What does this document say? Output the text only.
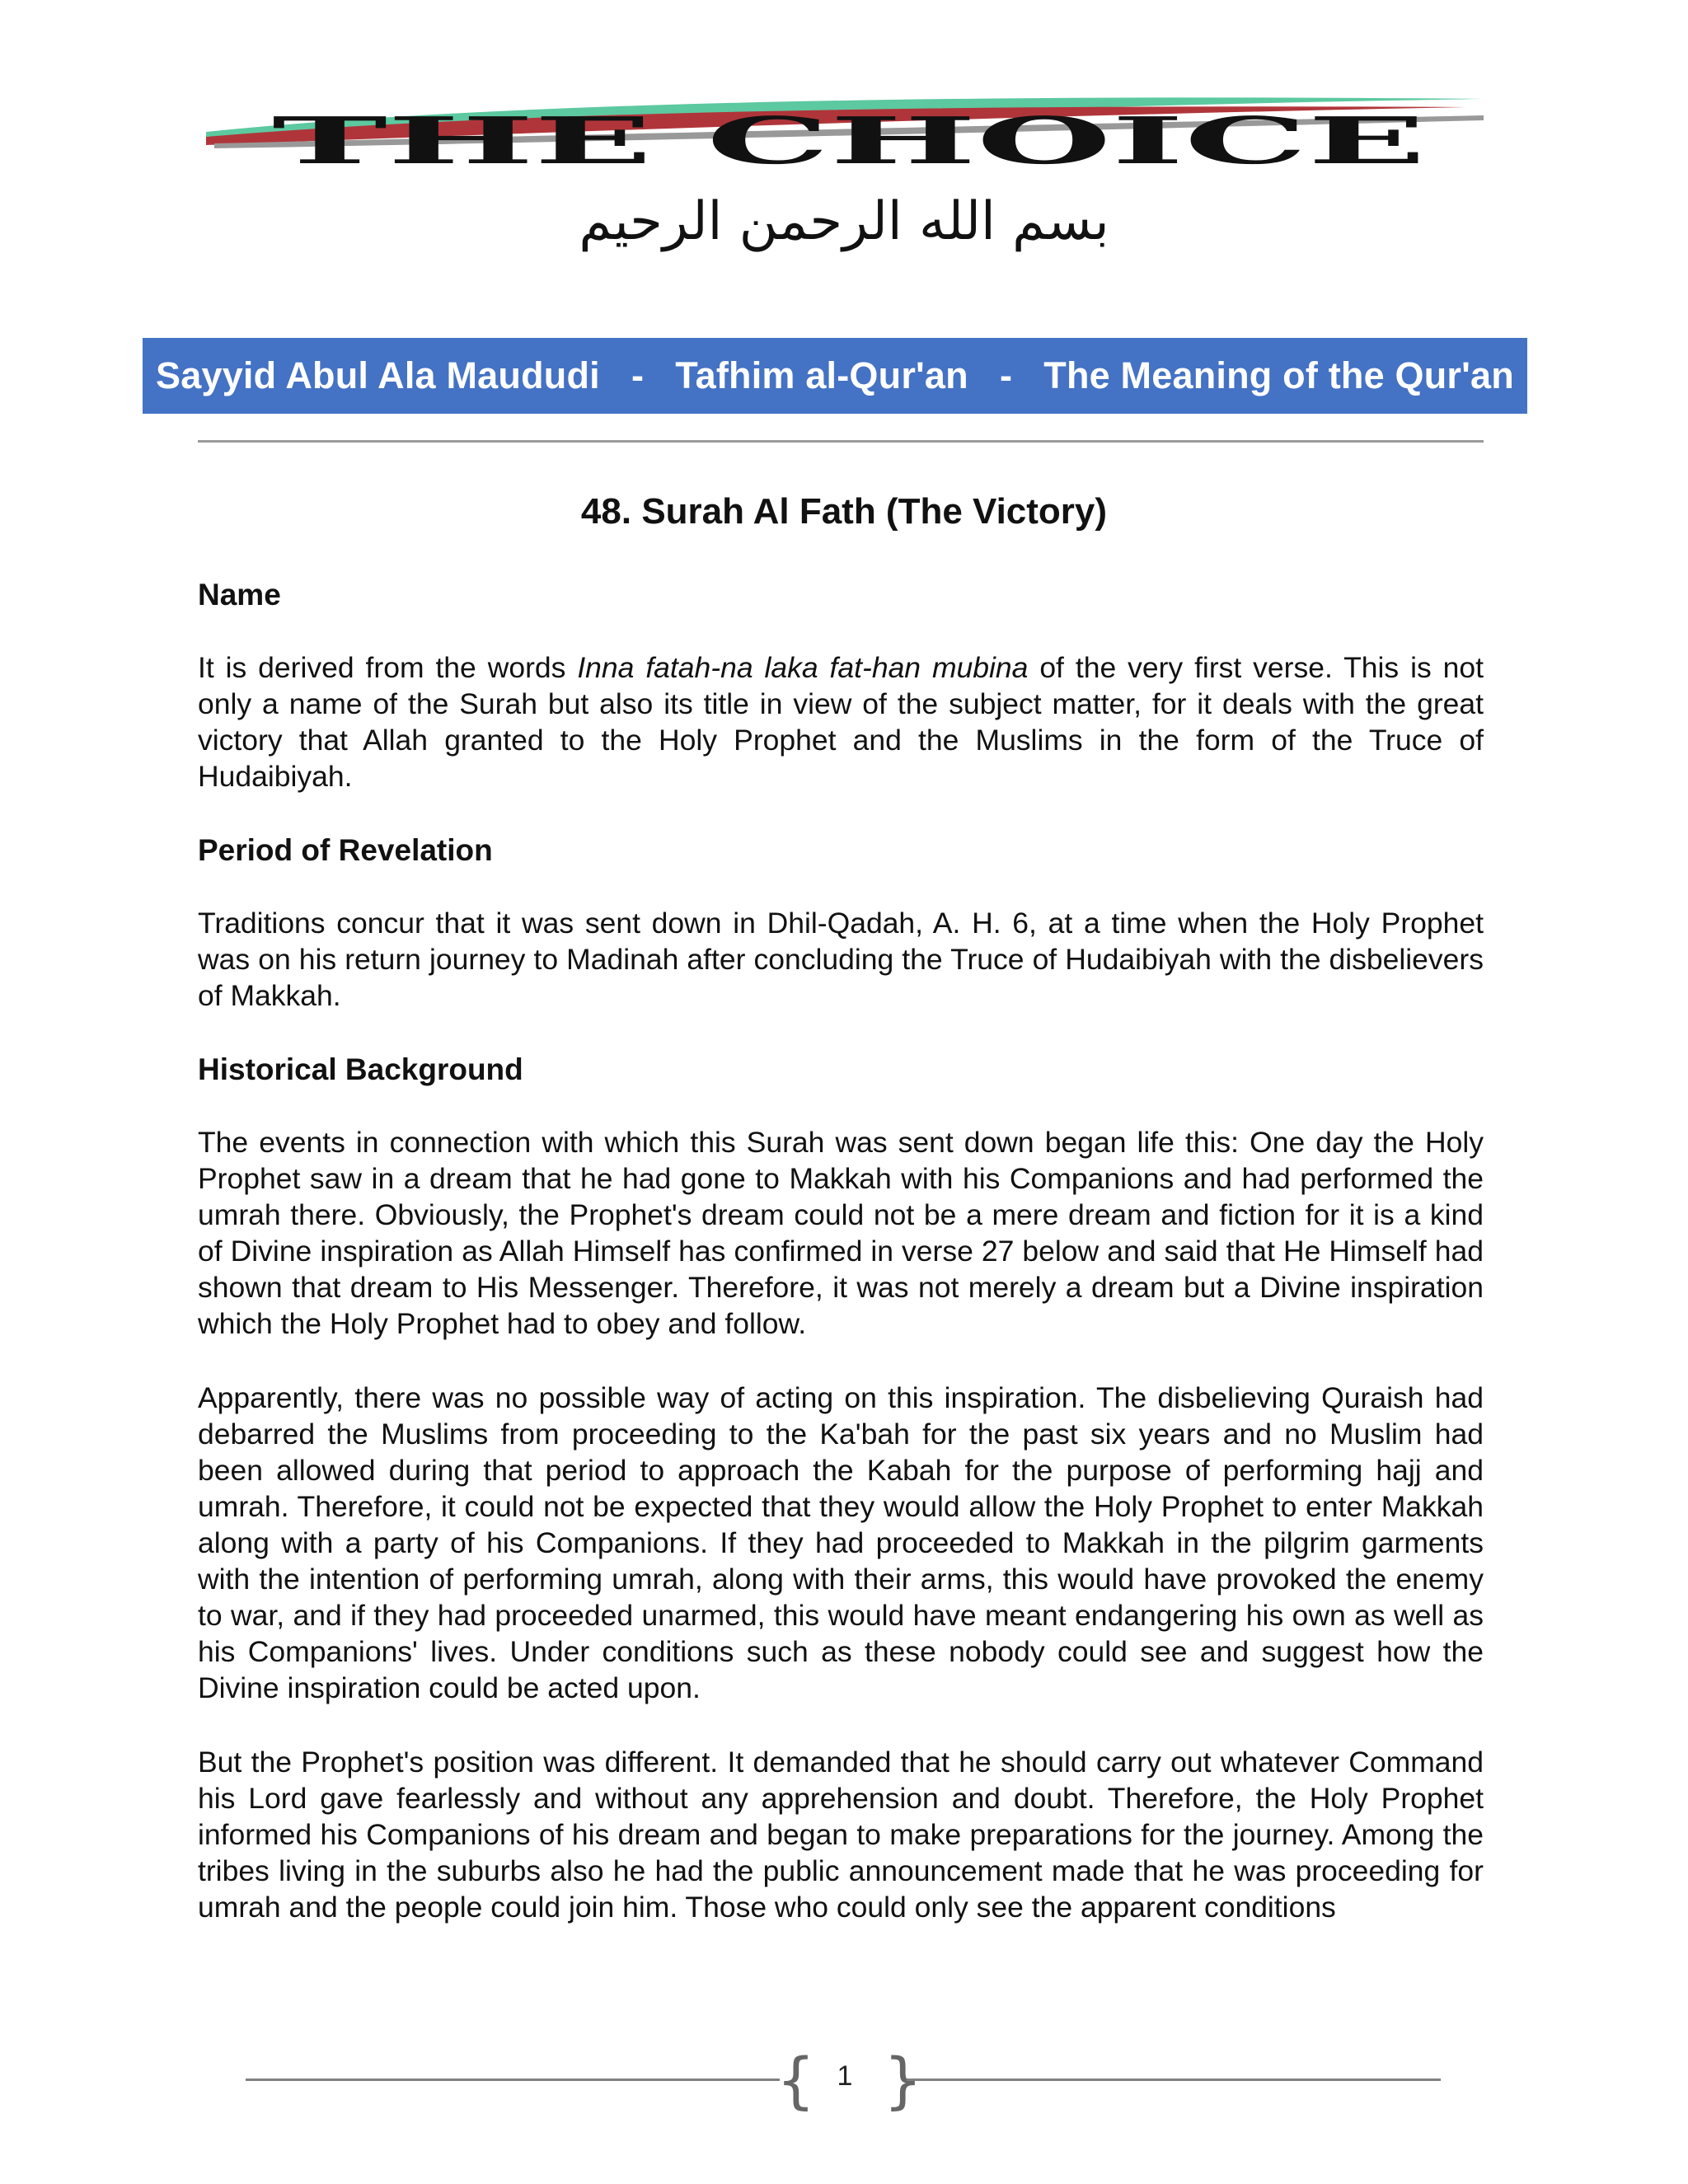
THE CHOICE
بسم الله الرحمن الرحيم
Sayyid Abul Ala Maududi   -   Tafhim al-Qur'an   -   The Meaning of the Qur'an
48. Surah Al Fath (The Victory)
Name

It is derived from the words Inna fatah-na laka fat-han mubina of the very first verse. This is not only a name of the Surah but also its title in view of the subject matter, for it deals with the great victory that Allah granted to the Holy Prophet and the Muslims in the form of the Truce of Hudaibiyah.

Period of Revelation

Traditions concur that it was sent down in Dhil-Qadah, A. H. 6, at a time when the Holy Prophet was on his return journey to Madinah after concluding the Truce of Hudaibiyah with the disbelievers of Makkah.

Historical Background

The events in connection with which this Surah was sent down began life this: One day the Holy Prophet saw in a dream that he had gone to Makkah with his Companions and had performed the umrah there. Obviously, the Prophet's dream could not be a mere dream and fiction for it is a kind of Divine inspiration as Allah Himself has confirmed in verse 27 below and said that He Himself had shown that dream to His Messenger. Therefore, it was not merely a dream but a Divine inspiration which the Holy Prophet had to obey and follow.

Apparently, there was no possible way of acting on this inspiration. The disbelieving Quraish had debarred the Muslims from proceeding to the Ka'bah for the past six years and no Muslim had been allowed during that period to approach the Kabah for the purpose of performing hajj and umrah. Therefore, it could not be expected that they would allow the Holy Prophet to enter Makkah along with a party of his Companions. If they had proceeded to Makkah in the pilgrim garments with the intention of performing umrah, along with their arms, this would have provoked the enemy to war, and if they had proceeded unarmed, this would have meant endangering his own as well as his Companions' lives. Under conditions such as these nobody could see and suggest how the Divine inspiration could be acted upon.

But the Prophet's position was different. It demanded that he should carry out whatever Command his Lord gave fearlessly and without any apprehension and doubt. Therefore, the Holy Prophet informed his Companions of his dream and began to make preparations for the journey. Among the tribes living in the suburbs also he had the public announcement made that he was proceeding for umrah and the people could join him. Those who could only see the apparent conditions

{ 1 }
